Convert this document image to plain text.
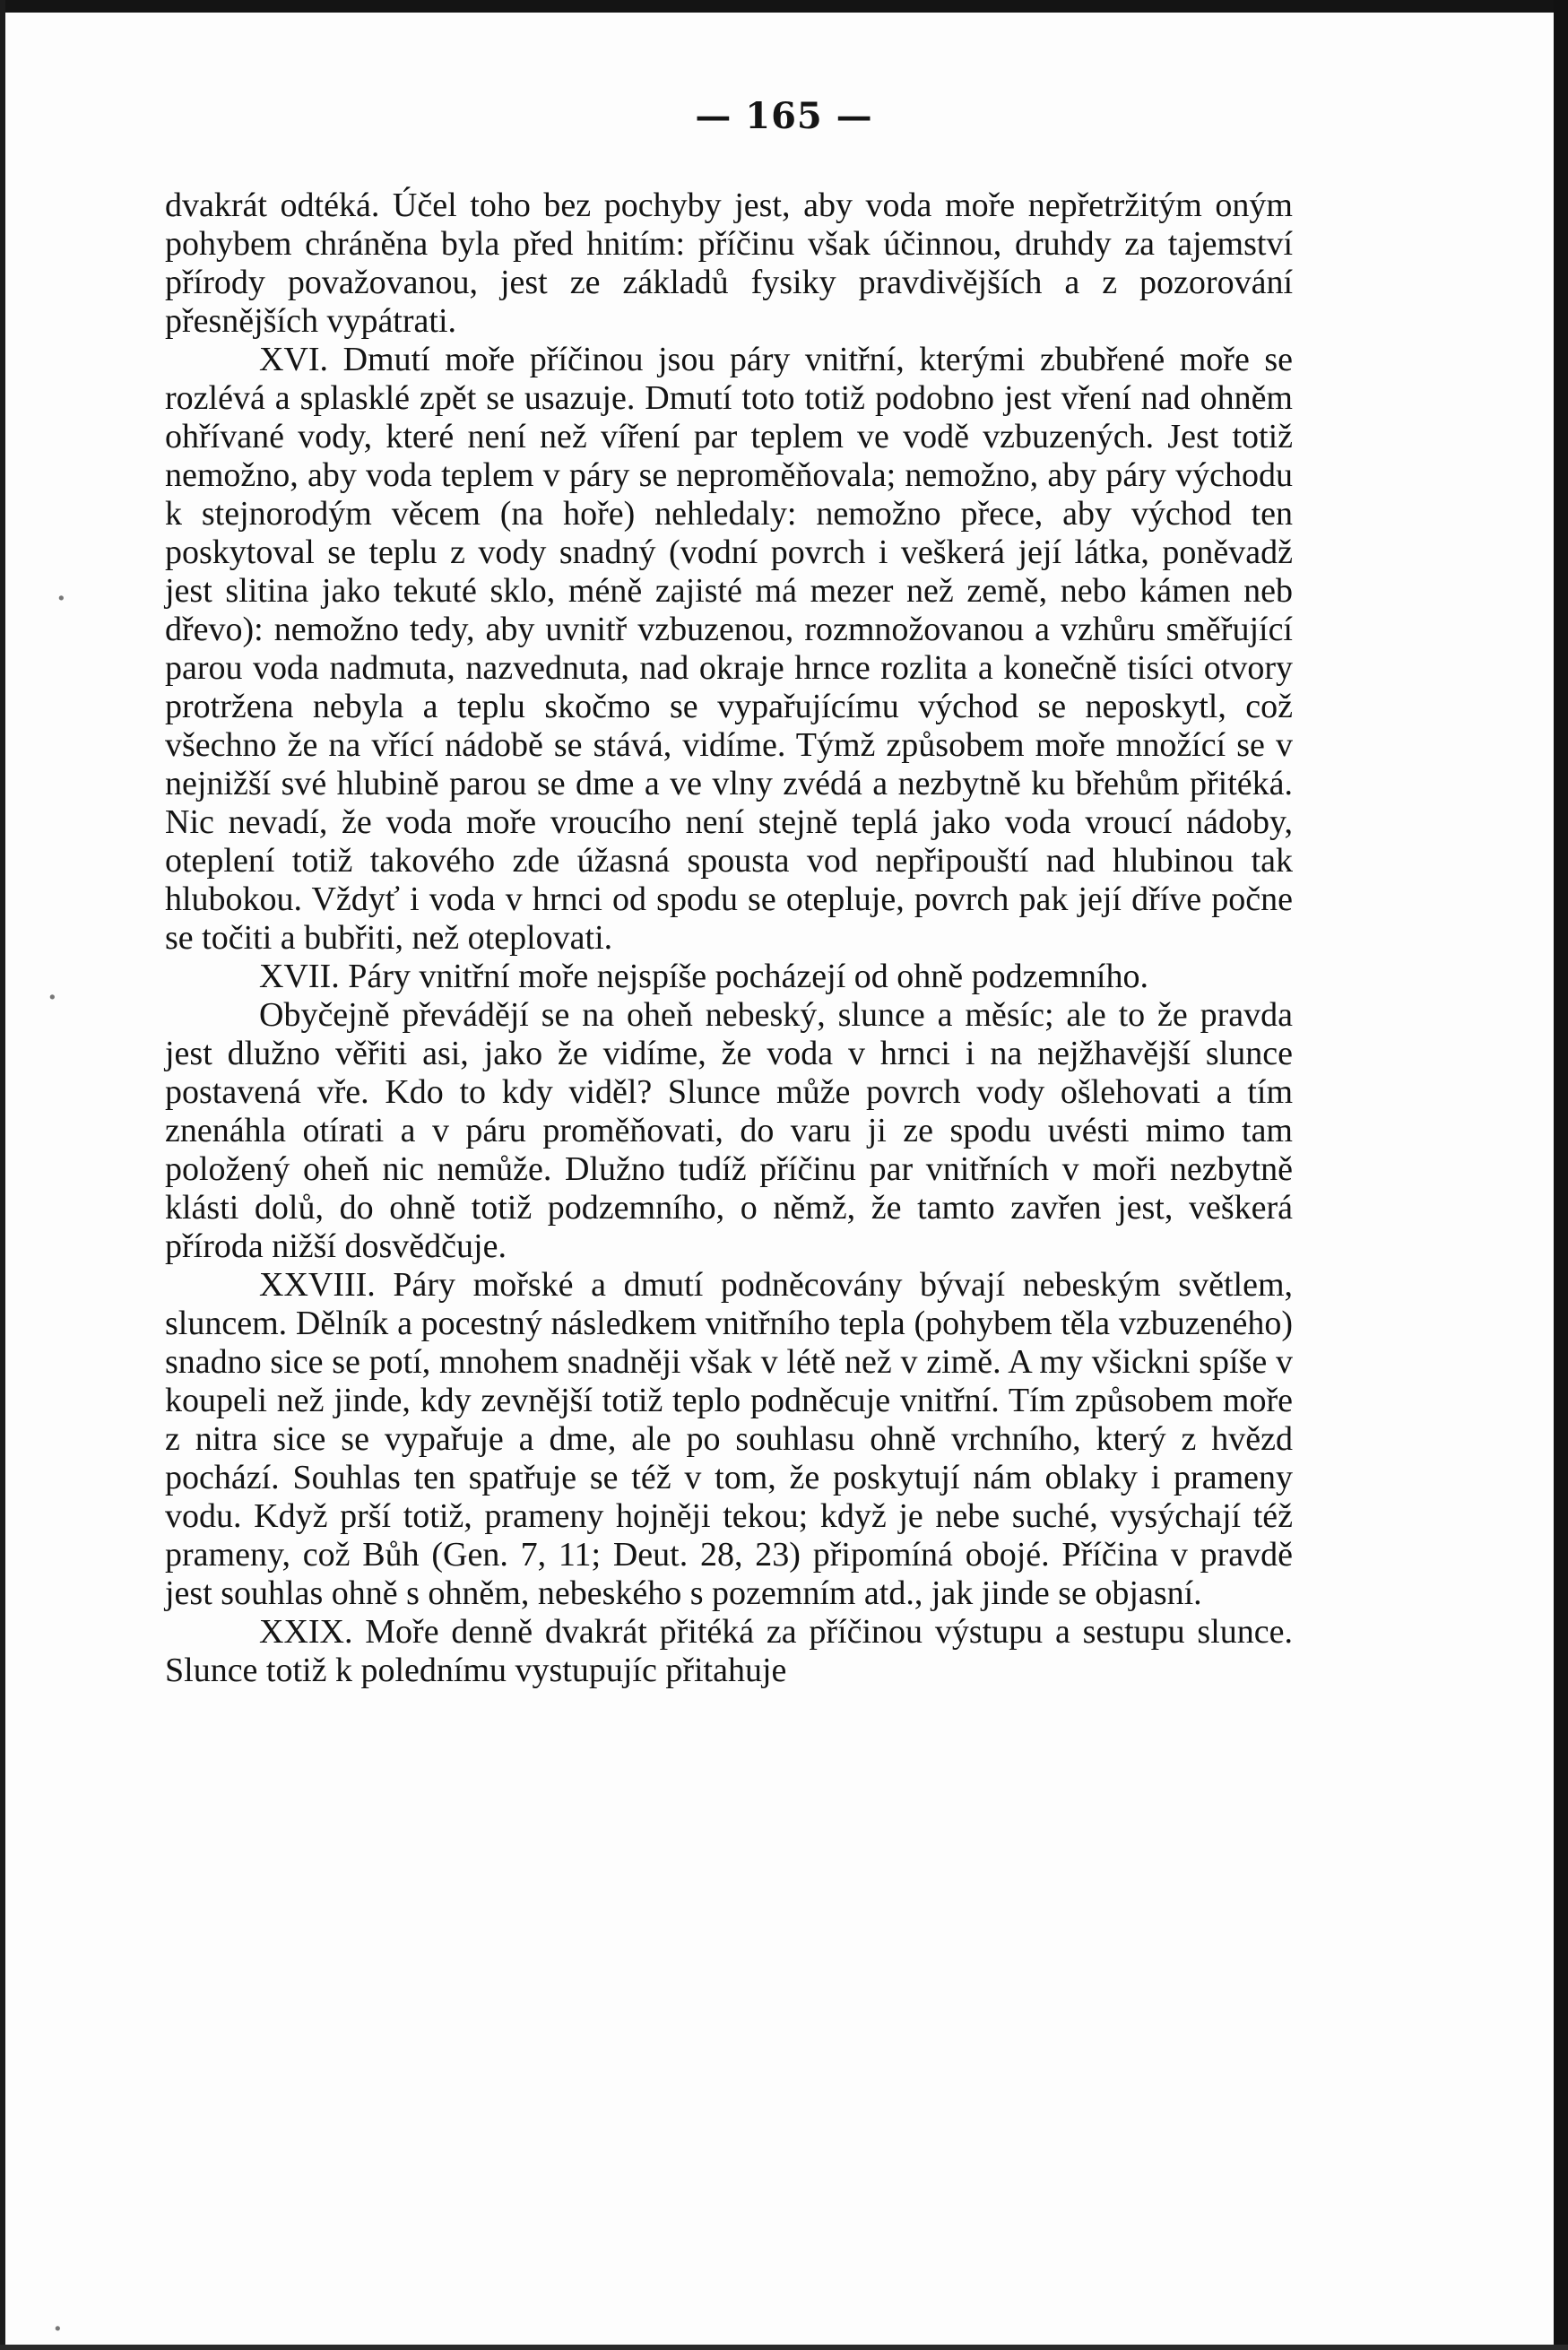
— 165 —

dvakrát odtéká. Účel toho bez pochyby jest, aby voda moře nepřetržitým oným pohybem chráněna byla před hnitím: příčinu však účinnou, druhdy za tajemství přírody považovanou, jest ze základů fysiky pravdivějších a z pozorování přesnějších vypátrati.

XVI. Dmutí moře příčinou jsou páry vnitřní, kterými zbubřené moře se rozlévá a splasklé zpět se usazuje. Dmutí toto totiž podobno jest vření nad ohněm ohřívané vody, které není než víření par teplem ve vodě vzbuzených. Jest totiž nemožno, aby voda teplem v páry se neproměňovala; nemožno, aby páry východu k stejnorodým věcem (na hoře) nehledaly: nemožno přece, aby východ ten poskytoval se teplu z vody snadný (vodní povrch i veškerá její látka, poněvadž jest slitina jako tekuté sklo, méně zajisté má mezer než země, nebo kámen neb dřevo): nemožno tedy, aby uvnitř vzbuzenou, rozmnožovanou a vzhůru směřující parou voda nadmuta, nazvednuta, nad okraje hrnce rozlita a konečně tisíci otvory protržena nebyla a teplu skočmo se vypařujícímu východ se neposkytl, což všechno že na vřící nádobě se stává, vidíme. Týmž způsobem moře množící se v nejnižší své hlubině parou se dme a ve vlny zvédá a nezbytně ku břehům přitéká. Nic nevadí, že voda moře vroucího není stejně teplá jako voda vroucí nádoby, oteplení totiž takového zde úžasná spousta vod nepřipouští nad hlubinou tak hlubokou. Vždyť i voda v hrnci od spodu se otepluje, povrch pak její dříve počne se točiti a bubřiti, než oteplovati.

XVII. Páry vnitřní moře nejspíše pocházejí od ohně podzemního.

Obyčejně převádějí se na oheň nebeský, slunce a měsíc; ale to že pravda jest dlužno věřiti asi, jako že vidíme, že voda v hrnci i na nejžhavější slunce postavená vře. Kdo to kdy viděl? Slunce může povrch vody ošlehovati a tím znenáhla otírati a v páru proměňovati, do varu ji ze spodu uvésti mimo tam položený oheň nic nemůže. Dlužno tudíž příčinu par vnitřních v moři nezbytně klásti dolů, do ohně totiž podzemního, o němž, že tamto zavřen jest, veškerá příroda nižší dosvědčuje.

XXVIII. Páry mořské a dmutí podněcovány bývají nebeským světlem, sluncem. Dělník a pocestný následkem vnitřního tepla (pohybem těla vzbuzeného) snadno sice se potí, mnohem snadněji však v létě než v zimě. A my všickni spíše v koupeli než jinde, kdy zevnější totiž teplo podněcuje vnitřní. Tím způsobem moře z nitra sice se vypařuje a dme, ale po souhlasu ohně vrchního, který z hvězd pochází. Souhlas ten spatřuje se též v tom, že poskytují nám oblaky i prameny vodu. Když prší totiž, prameny hojněji tekou; když je nebe suché, vysýchají též prameny, což Bůh (Gen. 7, 11; Deut. 28, 23) připomíná obojé. Příčina v pravdě jest souhlas ohně s ohněm, nebeského s pozemním atd., jak jinde se objasní.

XXIX. Moře denně dvakrát přitéká za příčinou výstupu a sestupu slunce. Slunce totiž k polednímu vystupujíc přitahuje

·
·
·
